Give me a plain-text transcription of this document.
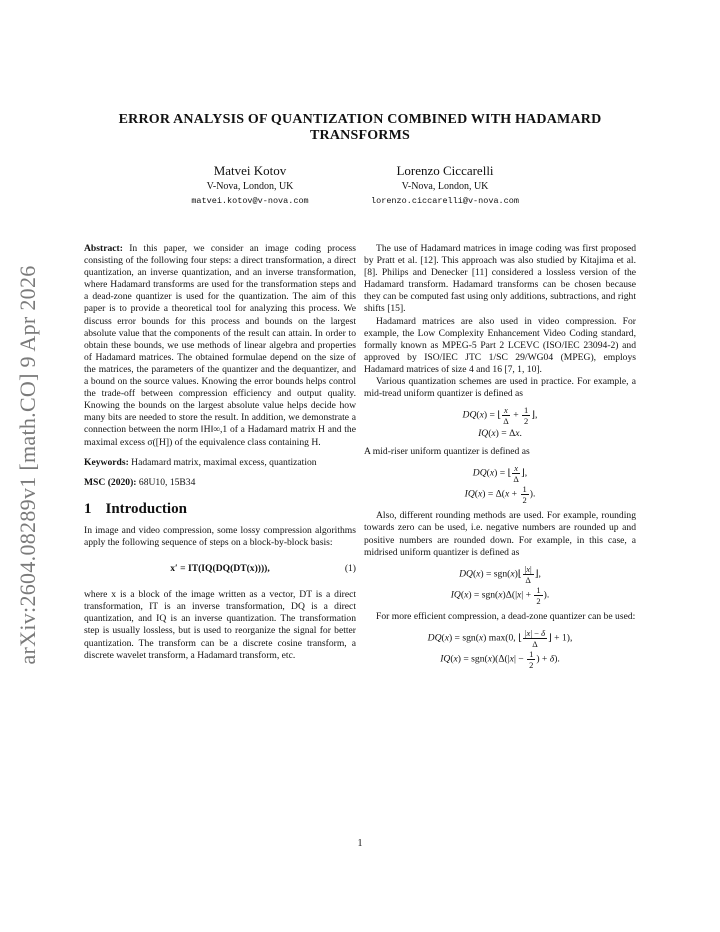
arXiv:2604.08289v1 [math.CO] 9 Apr 2026
ERROR ANALYSIS OF QUANTIZATION COMBINED WITH HADAMARD
TRANSFORMS
Matvei Kotov
V-Nova, London, UK
matvei.kotov@v-nova.com
Lorenzo Ciccarelli
V-Nova, London, UK
lorenzo.ciccarelli@v-nova.com

Abstract: In this paper, we consider an image coding process consisting of the following four steps: a direct transformation, a direct quantization, an inverse quantization, and an inverse transformation, where Hadamard transforms are used for the transformation steps and a dead-zone quantizer is used for the quantization. The aim of this paper is to provide a theoretical tool for analyzing this process. We discuss error bounds for this process and bounds on the largest absolute value that the components of the result can attain. In order to obtain these bounds, we use methods of linear algebra and properties of Hadamard matrices. The obtained formulae depend on the size of the matrices, the parameters of the quantizer and the dequantizer, and a bound on the source values. Knowing the error bounds helps control the trade-off between compression efficiency and output quality. Knowing the bounds on the largest absolute value helps decide how many bits are needed to store the result. In addition, we demonstrate a connection between the norm ‖H‖∞,1 of a Hadamard matrix H and the maximal excess σ([H]) of the equivalence class containing H.

Keywords: Hadamard matrix, maximal excess, quantization

MSC (2020): 68U10, 15B34

1 Introduction

In image and video compression, some lossy compression algorithms apply the following sequence of steps on a block-by-block basis:

x′ = IT(IQ(DQ(DT(x)))),	(1)

where x is a block of the image written as a vector, DT is a direct transformation, IT is an inverse transformation, DQ is a direct quantization, and IQ is an inverse quantization. The transformation step is usually lossless, but is used to reorganize the signal for better quantization. The transform can be a discrete cosine transform, a discrete wavelet transform, a Hadamard transform, etc.

The use of Hadamard matrices in image coding was first proposed by Pratt et al. [12]. This approach was also studied by Kitajima et al. [8]. Philips and Denecker [11] considered a lossless version of the Hadamard transform. Hadamard transforms can be chosen because they can be computed fast using only additions, subtractions, and right shifts [15].

Hadamard matrices are also used in video compression. For example, the Low Complexity Enhancement Video Coding standard, formally known as MPEG-5 Part 2 LCEVC (ISO/IEC 23094-2) and approved by ISO/IEC JTC 1/SC 29/WG04 (MPEG), employs Hadamard matrices of size 4 and 16 [7, 1, 10].

Various quantization schemes are used in practice. For example, a mid-tread uniform quantizer is defined as

DQ(x) = ⌊ $\frac{x}{\Delta} + \frac{1}{2}$ ⌋,
IQ(x) = Δx.

A mid-riser uniform quantizer is defined as

DQ(x) = ⌊ $\frac{x}{\Delta}$ ⌋,
$IQ(x) = \Delta(x + \frac{1}{2}$ ).

Also, different rounding methods are used. For example, rounding towards zero can be used, i.e. negative numbers are rounded up and positive numbers are rounded down. For example, in this case, a midrised uniform quantizer is defined as

DQ(x) = sgn(x)⌊ $\frac{|x|}{\Delta}$ ⌋,
$IQ(x) = sgn(x)\Delta(|x| + \frac{1}{2}$ ).

For more efficient compression, a dead-zone quantizer can be used:

DQ(x) = sgn(x) max(0, ⌊ $\frac{|x| - \delta}{\Delta}$ ⌋ + 1),
$IQ(x) = sgn(x)(\Delta(|x| - \frac{1}{2}$ ) + δ).
1
